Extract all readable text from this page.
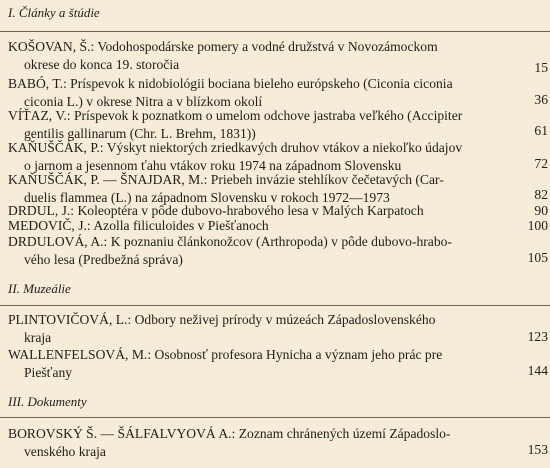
I. Články a štúdie
KOŠOVAN, Š.: Vodohospodárske pomery a vodné družstvá v Novozámockom
okrese do konca 19. storočia	15
BABÓ, T.: Príspevok k nidobiológii bociana bieleho európskeho (Ciconia ciconia
ciconia L.) v okrese Nitra a v blízkom okolí	36
VÍŤAZ, V.: Príspevok k poznatkom o umelom odchove jastraba veľkého (Accipiter
gentilis gallinarum (Chr. L. Brehm, 1831))	61
KAŇUŠČÁK, P.: Výskyt niektorých zriedkavých druhov vtákov a niekoľko údajov
o jarnom a jesennom ťahu vtákov roku 1974 na západnom Slovensku	72
KAŇUŠČÁK, P. — ŠNAJDAR, M.: Priebeh invázie stehlíkov čečetavých (Car-
duelis flammea (L.) na západnom Slovensku v rokoch 1972—1973	82
DRDUL, J.: Koleoptéra v pôde dubovo-hrabového lesa v Malých Karpatoch	90
MEDOVIČ, J.: Azolla filiculoides v Piešťanoch	100
DRDULOVÁ, A.: K poznaniu článkonožcov (Arthropoda) v pôde dubovo-hrabo-
vého lesa (Predbežná správa)	105
II. Muzeálie
PLINTOVIČOVÁ, L.: Odbory neživej prírody v múzeách Západoslovenského
kraja	123
WALLENFELSOVÁ, M.: Osobnosť profesora Hynicha a význam jeho prác pre
Piešťany	144
III. Dokumenty
BOROVSKÝ Š. — ŠÁLFALVYOVÁ A.: Zoznam chránených území Západoslo-
venského kraja	153
